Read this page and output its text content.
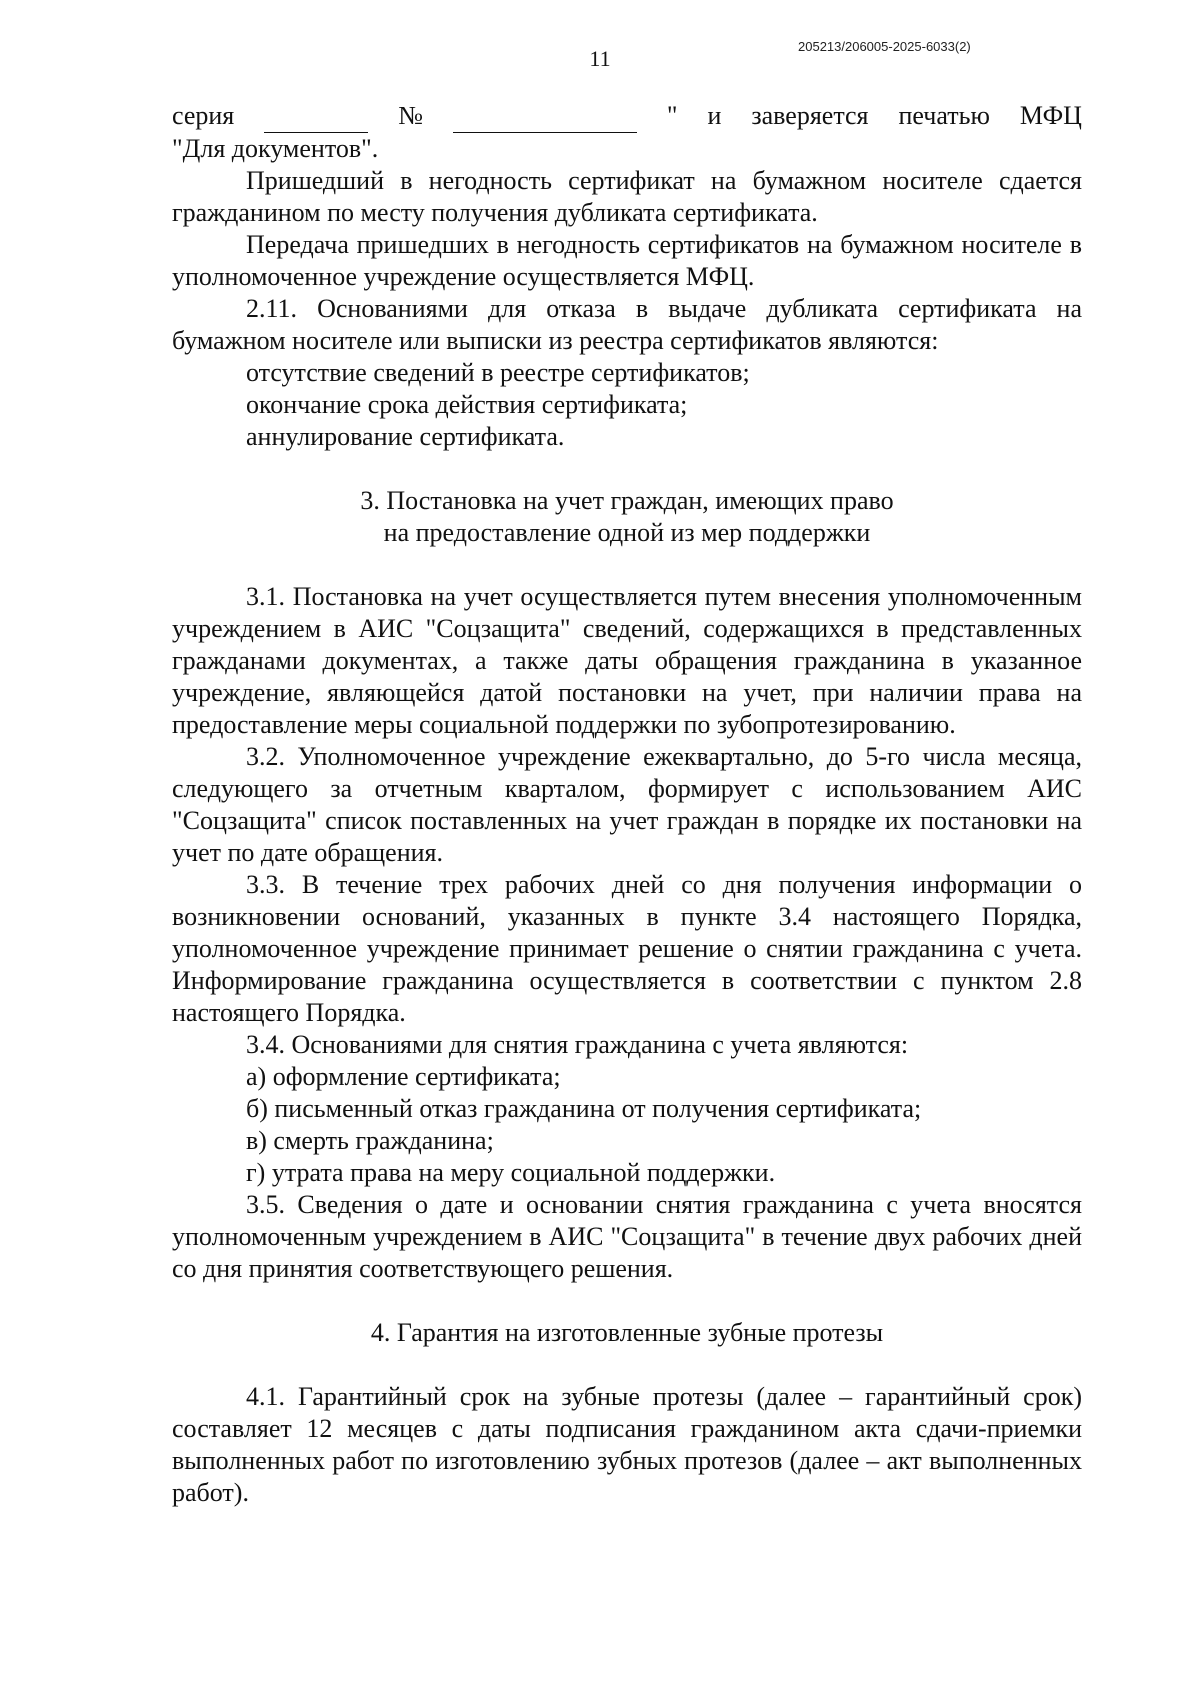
205213/206005-2025-6033(2)
11
серия
	№
	" и заверяется печатью МФЦ

"Для документов".

Пришедший в негодность сертификат на бумажном носителе сдается гражданином по месту получения дубликата сертификата.

Передача пришедших в негодность сертификатов на бумажном носителе в уполномоченное учреждение осуществляется МФЦ.

2.11. Основаниями для отказа в выдаче дубликата сертификата на бумажном носителе или выписки из реестра сертификатов являются:

отсутствие сведений в реестре сертификатов;

окончание срока действия сертификата;

аннулирование сертификата.

3. Постановка на учет граждан, имеющих право

на предоставление одной из мер поддержки

3.1. Постановка на учет осуществляется путем внесения уполномоченным учреждением в АИС "Соцзащита" сведений, содержащихся в представленных гражданами документах, а также даты обращения гражданина в указанное учреждение, являющейся датой постановки на учет, при наличии права на предоставление меры социальной поддержки по зубопротезированию.

3.2. Уполномоченное учреждение ежеквартально, до 5-го числа месяца, следующего за отчетным кварталом, формирует с использованием АИС "Соцзащита" список поставленных на учет граждан в порядке их постановки на учет по дате обращения.

3.3. В течение трех рабочих дней со дня получения информации о возникновении оснований, указанных в пункте 3.4 настоящего Порядка, уполномоченное учреждение принимает решение о снятии гражданина с учета. Информирование гражданина осуществляется в соответствии с пунктом 2.8 настоящего Порядка.

3.4. Основаниями для снятия гражданина с учета являются:

а) оформление сертификата;

б) письменный отказ гражданина от получения сертификата;

в) смерть гражданина;

г) утрата права на меру социальной поддержки.

3.5. Сведения о дате и основании снятия гражданина с учета вносятся уполномоченным учреждением в АИС "Соцзащита" в течение двух рабочих дней со дня принятия соответствующего решения.

4. Гарантия на изготовленные зубные протезы

4.1. Гарантийный срок на зубные протезы (далее – гарантийный срок) составляет 12 месяцев с даты подписания гражданином акта сдачи-приемки выполненных работ по изготовлению зубных протезов (далее – акт выполненных работ).
